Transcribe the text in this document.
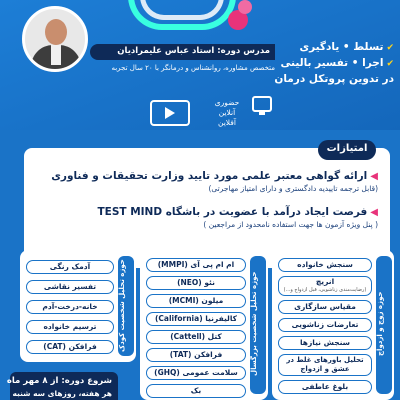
مدرس دوره: استاد عباس علیمرادیان
متخصص مشاوره، روانشناس و درمانگر با ۲۰ سال تجربه
✔تسلط • یادگیری
✔اجرا • تفسیر بالینی
در تدوین پروتکل درمان
حضوری
آنلاین
آفلاین
امتیازات
◀ارائه گواهی معتبر علمی مورد تایید وزارت تحقیقات و فناوری
(قابل ترجمه تاییدیه دادگستری و دارای امتیاز مهاجرتی)
◀فرصت ایجاد درآمد با عضویت در باشگاه TEST MIND
( پنل ویژه آزمون ها جهت استفاده نامحدود از مراجعین )
حوزه زوج و ازدواج
سنجش خانواده
انریچ
(رضایت‌مندی زناشویی، قبل ازدواج و...)
مقیاس سازگاری
تعارضات زناشویی
سنجش نیازها
تحلیل باورهای غلط در عشق و ازدواج
بلوغ عاطفی
حوزه تحلیل شخصیت بزرگسال
ام ام پی آی (MMPI)
نئو (NEO)
میلون (MCMI)
کالیفرنیا (California)
کتل (Cattell)
فرافکن (TAT)
سلامت عمومی (GHQ)
بک
حوزه تحلیل شخصیت کودک
آدمک رنگی
تفسیر نقاشی
خانه-درخت-آدم
ترسیم خانواده
فرافکن (CAT)
شروع دوره: از ۸ مهر ماه
هر هفته، روزهای سه شنبه
